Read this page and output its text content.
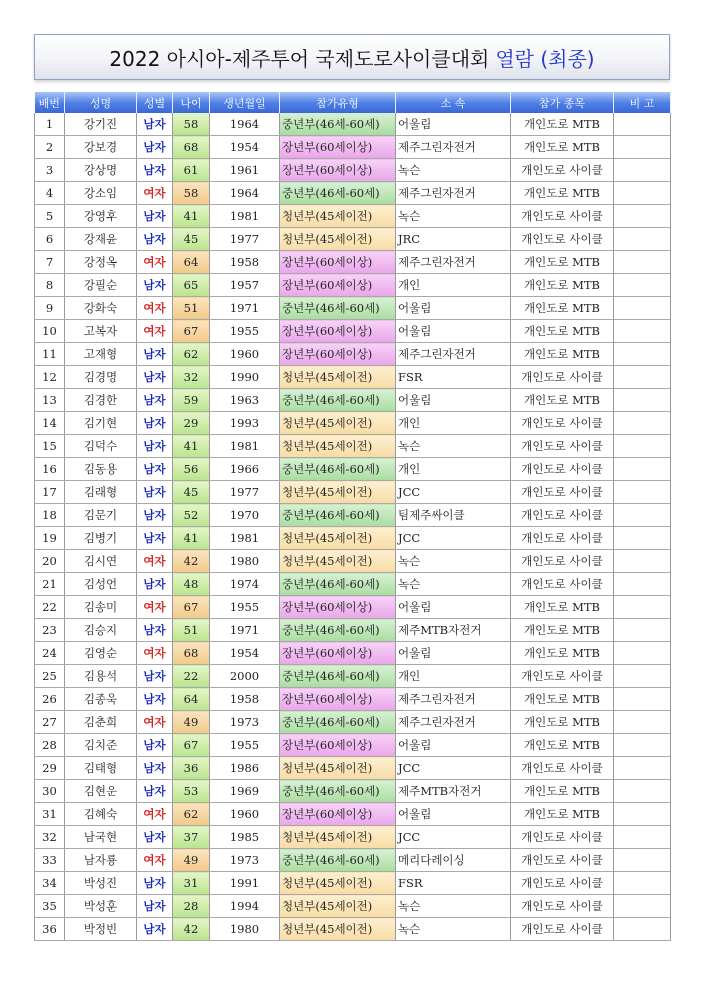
2022 아시아-제주투어 국제도로사이클대회 열람 (최종)
배번	성명	성별	나이	생년월일	참가유형	소 속	참가 종목	비 고
1	강기진	남자	58	1964	중년부(46세-60세)	어울림	개인도로 MTB	
2	강보경	남자	68	1954	장년부(60세이상)	제주그린자전거	개인도로 MTB	
3	강상명	남자	61	1961	장년부(60세이상)	녹슨	개인도로 사이클	
4	강소임	여자	58	1964	중년부(46세-60세)	제주그린자전거	개인도로 MTB	
5	강영후	남자	41	1981	청년부(45세이전)	녹슨	개인도로 사이클	
6	강재윤	남자	45	1977	청년부(45세이전)	JRC	개인도로 사이클	
7	강정옥	여자	64	1958	장년부(60세이상)	제주그린자전거	개인도로 MTB	
8	강필순	남자	65	1957	장년부(60세이상)	개인	개인도로 MTB	
9	강화숙	여자	51	1971	중년부(46세-60세)	어울림	개인도로 MTB	
10	고복자	여자	67	1955	장년부(60세이상)	어울림	개인도로 MTB	
11	고재형	남자	62	1960	장년부(60세이상)	제주그린자전거	개인도로 MTB	
12	김경명	남자	32	1990	청년부(45세이전)	FSR	개인도로 사이클	
13	김경한	남자	59	1963	중년부(46세-60세)	어울림	개인도로 MTB	
14	김기현	남자	29	1993	청년부(45세이전)	개인	개인도로 사이클	
15	김덕수	남자	41	1981	청년부(45세이전)	녹슨	개인도로 사이클	
16	김동용	남자	56	1966	중년부(46세-60세)	개인	개인도로 사이클	
17	김래형	남자	45	1977	청년부(45세이전)	JCC	개인도로 사이클	
18	김문기	남자	52	1970	중년부(46세-60세)	팀제주싸이클	개인도로 사이클	
19	김병기	남자	41	1981	청년부(45세이전)	JCC	개인도로 사이클	
20	김시연	여자	42	1980	청년부(45세이전)	녹슨	개인도로 사이클	
21	김성언	남자	48	1974	중년부(46세-60세)	녹슨	개인도로 사이클	
22	김송미	여자	67	1955	장년부(60세이상)	어울림	개인도로 MTB	
23	김승지	남자	51	1971	중년부(46세-60세)	제주MTB자전거	개인도로 MTB	
24	김영순	여자	68	1954	장년부(60세이상)	어울림	개인도로 MTB	
25	김용석	남자	22	2000	중년부(46세-60세)	개인	개인도로 사이클	
26	김종욱	남자	64	1958	장년부(60세이상)	제주그린자전거	개인도로 MTB	
27	김춘희	여자	49	1973	중년부(46세-60세)	제주그린자전거	개인도로 MTB	
28	김치준	남자	67	1955	장년부(60세이상)	어울림	개인도로 MTB	
29	김태형	남자	36	1986	청년부(45세이전)	JCC	개인도로 사이클	
30	김현운	남자	53	1969	중년부(46세-60세)	제주MTB자전거	개인도로 MTB	
31	김혜숙	여자	62	1960	장년부(60세이상)	어울림	개인도로 MTB	
32	남국현	남자	37	1985	청년부(45세이전)	JCC	개인도로 사이클	
33	남자룡	여자	49	1973	중년부(46세-60세)	메리다레이싱	개인도로 사이클	
34	박성진	남자	31	1991	청년부(45세이전)	FSR	개인도로 사이클	
35	박성훈	남자	28	1994	청년부(45세이전)	녹슨	개인도로 사이클	
36	박정빈	남자	42	1980	청년부(45세이전)	녹슨	개인도로 사이클	
